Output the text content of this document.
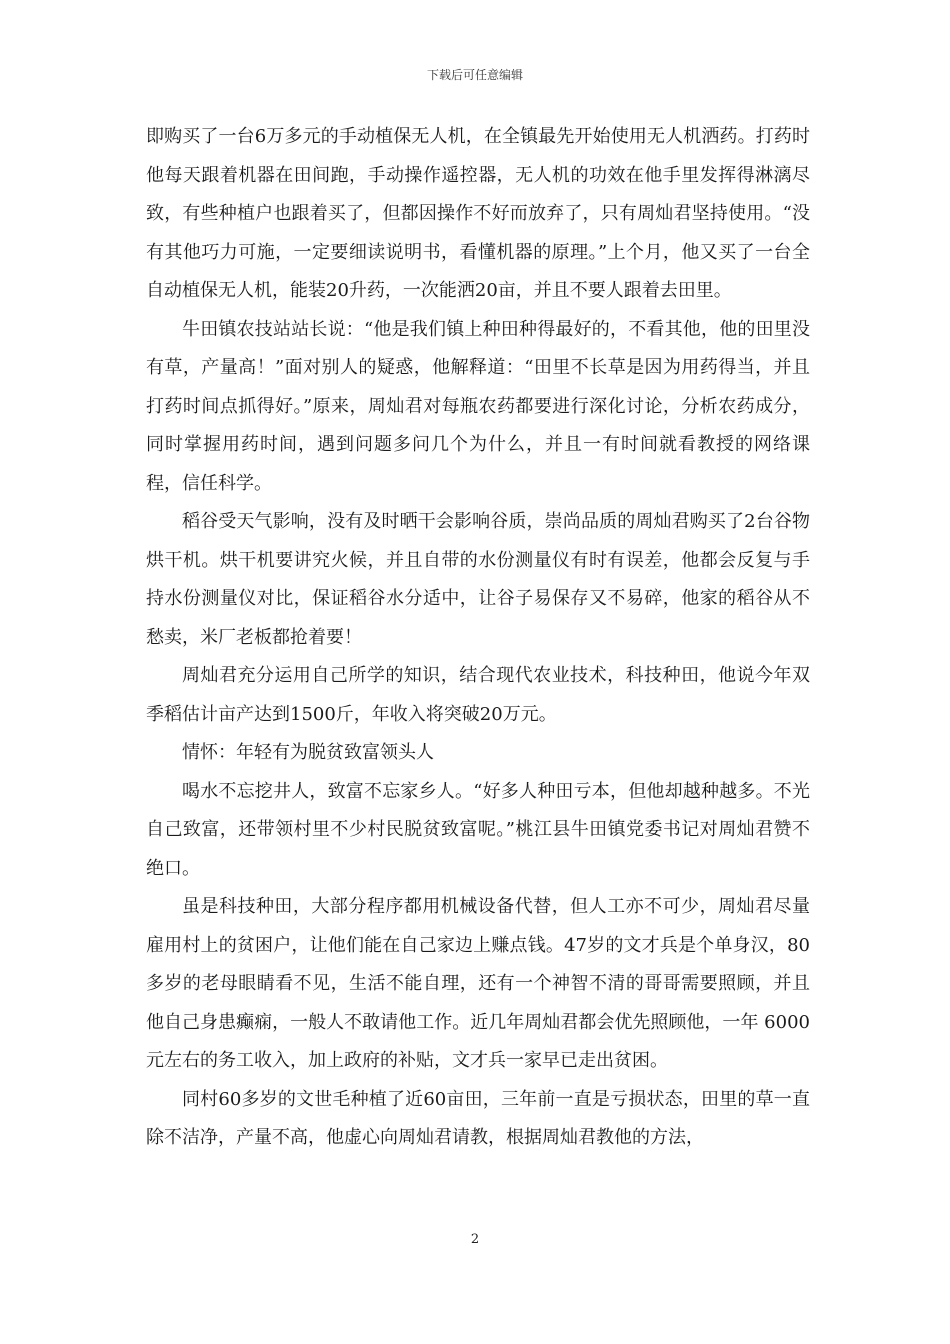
下载后可任意编辑

即购买了一台6万多元的手动植保无人机，在全镇最先开始使用无人机洒药。打药时他每天跟着机器在田间跑，手动操作遥控器，无人机的功效在他手里发挥得淋漓尽致，有些种植户也跟着买了，但都因操作不好而放弃了，只有周灿君坚持使用。“没有其他巧力可施，一定要细读说明书，看懂机器的原理。”上个月，他又买了一台全自动植保无人机，能装20升药，一次能洒20亩，并且不要人跟着去田里。

牛田镇农技站站长说：“他是我们镇上种田种得最好的，不看其他，他的田里没有草，产量高！”面对别人的疑惑，他解释道：“田里不长草是因为用药得当，并且打药时间点抓得好。”原来，周灿君对每瓶农药都要进行深化讨论，分析农药成分，同时掌握用药时间，遇到问题多问几个为什么，并且一有时间就看教授的网络课程，信任科学。

稻谷受天气影响，没有及时晒干会影响谷质，崇尚品质的周灿君购买了2台谷物烘干机。烘干机要讲究火候，并且自带的水份测量仪有时有误差，他都会反复与手持水份测量仪对比，保证稻谷水分适中，让谷子易保存又不易碎，他家的稻谷从不愁卖，米厂老板都抢着要！

周灿君充分运用自己所学的知识，结合现代农业技术，科技种田，他说今年双季稻估计亩产达到1500斤，年收入将突破20万元。

情怀：年轻有为脱贫致富领头人

喝水不忘挖井人，致富不忘家乡人。“好多人种田亏本，但他却越种越多。不光自己致富，还带领村里不少村民脱贫致富呢。”桃江县牛田镇党委书记对周灿君赞不绝口。

虽是科技种田，大部分程序都用机械设备代替，但人工亦不可少，周灿君尽量雇用村上的贫困户，让他们能在自己家边上赚点钱。47岁的文才兵是个单身汉，80多岁的老母眼睛看不见，生活不能自理，还有一个神智不清的哥哥需要照顾，并且他自己身患癫痫，一般人不敢请他工作。近几年周灿君都会优先照顾他，一年 6000元左右的务工收入，加上政府的补贴，文才兵一家早已走出贫困。

同村60多岁的文世毛种植了近60亩田，三年前一直是亏损状态，田里的草一直除不洁净，产量不高，他虚心向周灿君请教，根据周灿君教他的方法，

2
